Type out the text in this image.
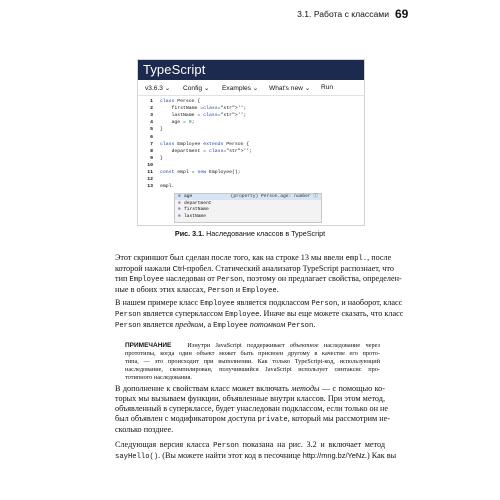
3.1. Работа с классами 69
TypeScript
v3.6.3 ⌄ Config ⌄ Examples ⌄ What's new ⌄ Run
1 class Person {
2 firstName =class="str">'';
3 lastName = class="str">'';
4 age = 0;
5 }
6
7 class Employee extends Person {
8 department = class="str">'';
9 }
10
11 const empl = new Employee();
12
13 empl.
⊕ age	(property) Person.age: number ⓘ
⊕ department
⊕ firstName
⊕ lastName
Рис. 3.1. Наследование классов в TypeScript
Этот скриншот был сделан после того, как на строке 13 мы ввели empl., после
которой нажали Ctrl-пробел. Статический анализатор TypeScript распознает, что
тип Employee наследован от Person, поэтому он предлагает свойства, определен-
ные в обоих этих классах, Person и Employee.
В нашем примере класс Employee является подклассом Person, и наоборот, класс
Person является суперклассом Employee. Иначе вы еще можете сказать, что класс
Person является предком, а Employee потомком Person.
ПРИМЕЧАНИЕ	Изнутри JavaScript поддерживает объектное наследование через
прототипы, когда один объект может быть присвоен другому в качестве его прото-
типа, — это происходит при выполнении. Как только TypeScript-код, использующий
наследование, скомпилирован, получившийся JavaScript использует синтаксис про-
тотипного наследования.
В дополнение к свойствам класс может включать методы — с помощью ко-
торых мы вызываем функции, объявленные внутри классов. При этом метод,
объявленный в суперклассе, будет унаследован подклассом, если только он не
был объявлен с модификатором доступа private, который мы рассмотрим не-
сколько позднее.
Следующая версия класса Person показана на рис. 3.2 и включает метод
sayHello(). (Вы можете найти этот код в песочнице http://mng.bz/YeNz.) Как вы
